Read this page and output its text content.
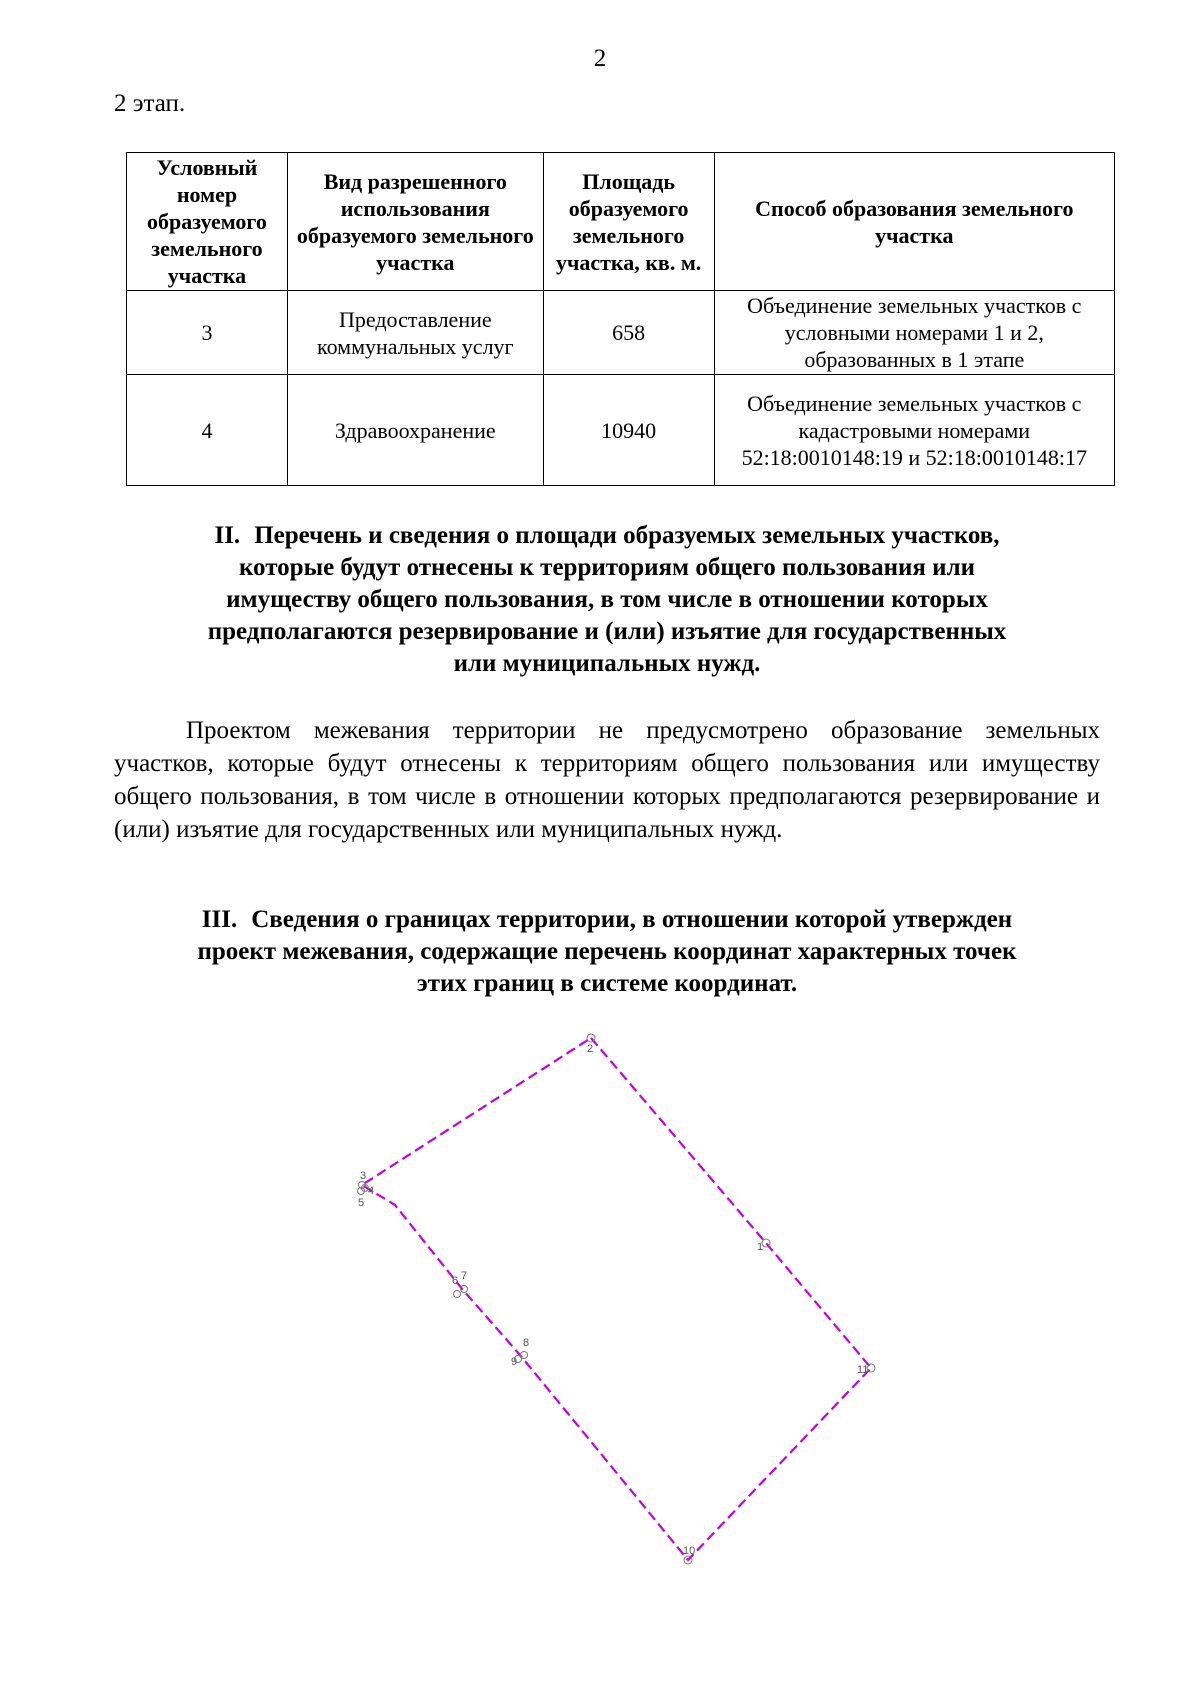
2
2 этап.
Условный номер образуемого земельного участка	Вид разрешенного использования образуемого земельного участка	Площадь образуемого земельного участка, кв. м.	Способ образования земельного участка
3	Предоставление коммунальных услуг	658	Объединение земельных участков с условными номерами 1 и 2, образованных в 1 этапе
4	Здравоохранение	10940	Объединение земельных участков с кадастровыми номерами 52:18:0010148:19 и 52:18:0010148:17
II. Перечень и сведения о площади образуемых земельных участков,
которые будут отнесены к территориям общего пользования или
имуществу общего пользования, в том числе в отношении которых
предполагаются резервирование и (или) изъятие для государственных
или муниципальных нужд.
Проектом межевания территории не предусмотрено образование земельных участков, которые будут отнесены к территориям общего пользования или имуществу общего пользования, в том числе в отношении которых предполагаются резервирование и (или) изъятие для государственных или муниципальных нужд.
III. Сведения о границах территории, в отношении которой утвержден
проект межевания, содержащие перечень координат характерных точек
этих границ в системе координат.
1
2
3
4
5
6 7
8
9
10
11
